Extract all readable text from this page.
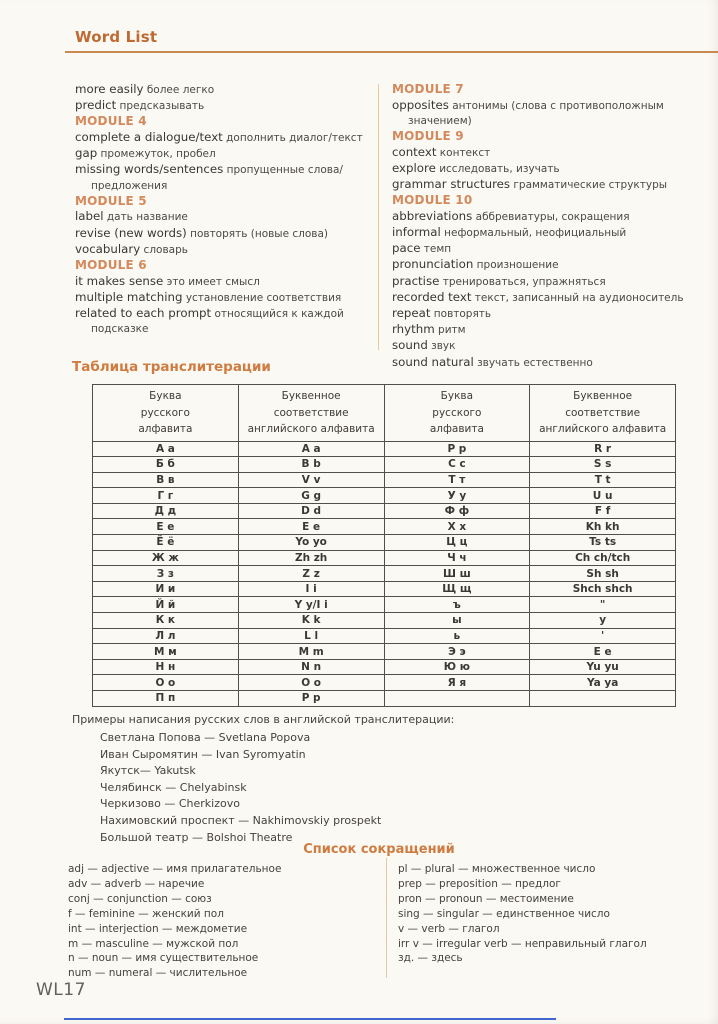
Word List
more easily более легко
predict предсказывать
MODULE 4
complete a dialogue/text дополнить диалог/текст
gap промежуток, пробел
missing words/sentences пропущенные слова/ предложения
MODULE 5
label дать название
revise (new words) повторять (новые слова)
vocabulary словарь
MODULE 6
it makes sense это имеет смысл
multiple matching установление соответствия
related to each prompt относящийся к каждой подсказке
MODULE 7
opposites антонимы (слова с противоположным значением)
MODULE 9
context контекст
explore исследовать, изучать
grammar structures грамматические структуры
MODULE 10
abbreviations аббревиатуры, сокращения
informal неформальный, неофициальный
pace темп
pronunciation произношение
practise тренироваться, упражняться
recorded text текст, записанный на аудионоситель
repeat повторять
rhythm ритм
sound звук
sound natural звучать естественно
Таблица транслитерации
Буква
русского
алфавита

Буквенное
соответствие
английского алфавита

Буква
русского
алфавита

Буквенное
соответствие
английского алфавита

А а	A a	Р р	R r
Б б	B b	С с	S s
В в	V v	Т т	T t
Г г	G g	У у	U u
Д д	D d	Ф ф	F f
Е е	E e	Х х	Kh kh
Ё ё	Yo yo	Ц ц	Ts ts
Ж ж	Zh zh	Ч ч	Ch ch/tch
З з	Z z	Ш ш	Sh sh
И и	I i	Щ щ	Shch shch
Й й	Y y/I i	ъ	"
К к	K k	ы	y
Л л	L l	ь	'
М м	M m	Э э	E e
Н н	N n	Ю ю	Yu yu
О о	O o	Я я	Ya ya
П п	P p		
Примеры написания русских слов в английской транслитерации:
Светлана Попова — Svetlana Popova
Иван Сыромятин — Ivan Syromyatin
Якутск— Yakutsk
Челябинск — Chelyabinsk
Черкизово — Cherkizovo
Нахимовский проспект — Nakhimovskiy prospekt
Большой театр — Bolshoi Theatre
Список сокращений
adj — adjective — имя прилагательное
adv — adverb — наречие
conj — conjunction — союз
f — feminine — женский пол
int — interjection — междометие
m — masculine — мужской пол
n — noun — имя существительное
num — numeral — числительное
pl — plural — множественное число
prep — preposition — предлог
pron — pronoun — местоимение
sing — singular — единственное число
v — verb — глагол
irr v — irregular verb — неправильный глагол
зд. — здесь
WL17
